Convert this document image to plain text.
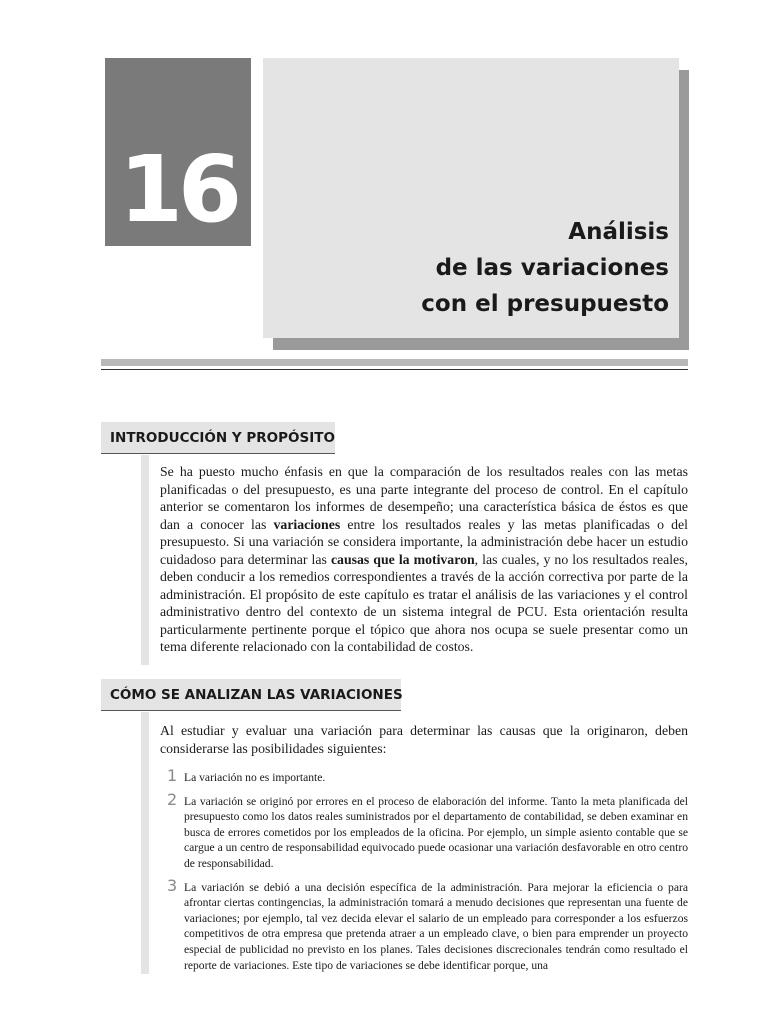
16	Análisis
de las variaciones
con el presupuesto
INTRODUCCIÓN Y PROPÓSITO
Se ha puesto mucho énfasis en que la comparación de los resultados reales con las metas planificadas o del presupuesto, es una parte integrante del proceso de control. En el capítulo anterior se comentaron los informes de desempeño; una característica básica de éstos es que dan a conocer las variaciones entre los resultados reales y las metas planificadas o del presupuesto. Si una variación se considera importante, la administración debe hacer un estudio cuidadoso para determinar las causas que la motivaron, las cuales, y no los resultados reales, deben conducir a los remedios correspondientes a través de la acción correctiva por parte de la administración. El propósito de este capítulo es tratar el análisis de las variaciones y el control administrativo dentro del contexto de un sistema integral de PCU. Esta orientación resulta particularmente pertinente porque el tópico que ahora nos ocupa se suele presentar como un tema diferente relacionado con la contabilidad de costos.
CÓMO SE ANALIZAN LAS VARIACIONES
Al estudiar y evaluar una variación para determinar las causas que la originaron, deben considerarse las posibilidades siguientes:
1 La variación no es importante.
2 La variación se originó por errores en el proceso de elaboración del informe. Tanto la meta planificada del presupuesto como los datos reales suministrados por el departamento de contabilidad, se deben examinar en busca de errores cometidos por los empleados de la oficina. Por ejemplo, un simple asiento contable que se cargue a un centro de responsabilidad equivocado puede ocasionar una variación desfavorable en otro centro de responsabilidad.
3 La variación se debió a una decisión específica de la administración. Para mejorar la eficiencia o para afrontar ciertas contingencias, la administración tomará a menudo decisiones que representan una fuente de variaciones; por ejemplo, tal vez decida elevar el salario de un empleado para corresponder a los esfuerzos competitivos de otra empresa que pretenda atraer a un empleado clave, o bien para emprender un proyecto especial de publicidad no previsto en los planes. Tales decisiones discrecionales tendrán como resultado el reporte de variaciones. Este tipo de variaciones se debe identificar porque, una
